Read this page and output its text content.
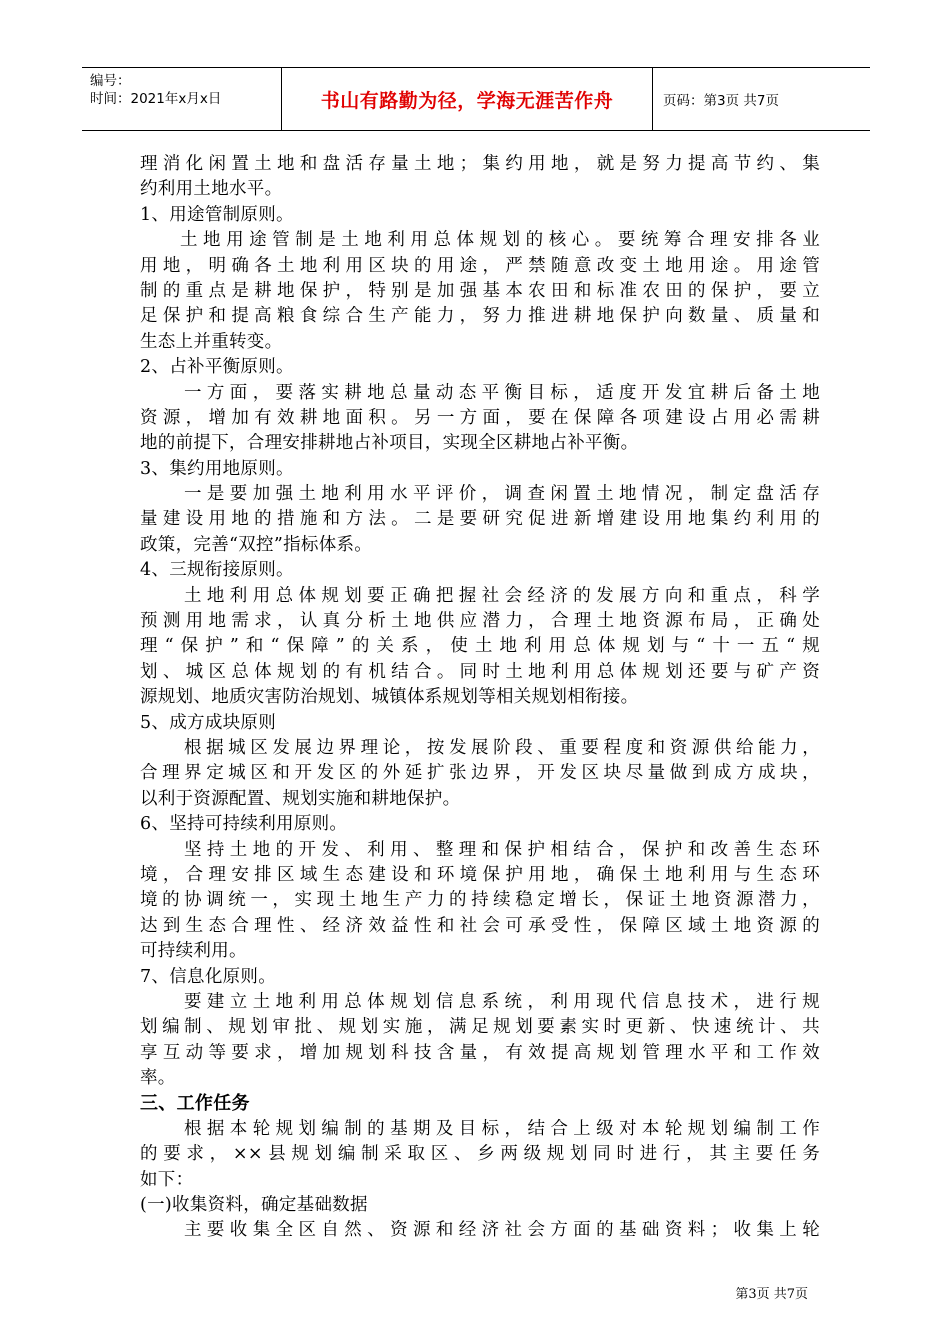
编号：
时间：2021年x月x日	书山有路勤为径，学海无涯苦作舟	页码：第3页 共7页
理消化闲置土地和盘活存量土地；集约用地，就是努力提高节约、集
约利用土地水平。
1、用途管制原则。
土地用途管制是土地利用总体规划的核心。要统筹合理安排各业
用地，明确各土地利用区块的用途，严禁随意改变土地用途。用途管
制的重点是耕地保护，特别是加强基本农田和标准农田的保护，要立
足保护和提高粮食综合生产能力，努力推进耕地保护向数量、质量和
生态上并重转变。
2、占补平衡原则。
一方面，要落实耕地总量动态平衡目标，适度开发宜耕后备土地
资源，增加有效耕地面积。另一方面，要在保障各项建设占用必需耕
地的前提下，合理安排耕地占补项目，实现全区耕地占补平衡。
3、集约用地原则。
一是要加强土地利用水平评价，调查闲置土地情况，制定盘活存
量建设用地的措施和方法。二是要研究促进新增建设用地集约利用的
政策，完善“双控”指标体系。
4、三规衔接原则。
土地利用总体规划要正确把握社会经济的发展方向和重点，科学
预测用地需求，认真分析土地供应潜力，合理土地资源布局，正确处
理“保护”和“保障”的关系，使土地利用总体规划与“十一五“规
划、城区总体规划的有机结合。同时土地利用总体规划还要与矿产资
源规划、地质灾害防治规划、城镇体系规划等相关规划相衔接。
5、成方成块原则
根据城区发展边界理论，按发展阶段、重要程度和资源供给能力，
合理界定城区和开发区的外延扩张边界，开发区块尽量做到成方成块，
以利于资源配置、规划实施和耕地保护。
6、坚持可持续利用原则。
坚持土地的开发、利用、整理和保护相结合，保护和改善生态环
境，合理安排区域生态建设和环境保护用地，确保土地利用与生态环
境的协调统一，实现土地生产力的持续稳定增长，保证土地资源潜力，
达到生态合理性、经济效益性和社会可承受性，保障区域土地资源的
可持续利用。
7、信息化原则。
要建立土地利用总体规划信息系统，利用现代信息技术，进行规
划编制、规划审批、规划实施，满足规划要素实时更新、快速统计、共
享互动等要求，增加规划科技含量，有效提高规划管理水平和工作效
率。
三、工作任务
根据本轮规划编制的基期及目标，结合上级对本轮规划编制工作
的要求，××县规划编制采取区、乡两级规划同时进行，其主要任务
如下：
(一)收集资料，确定基础数据
主要收集全区自然、资源和经济社会方面的基础资料；收集上轮
第3页 共7页
